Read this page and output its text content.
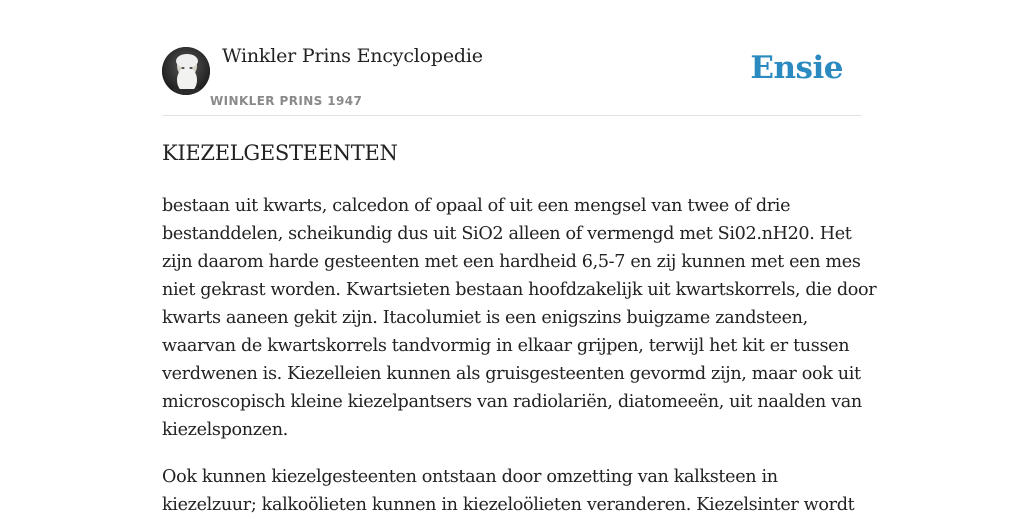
Winkler Prins Encyclopedie
WINKLER PRINS 1947
Ensie
KIEZELGESTEENTEN

bestaan uit kwarts, calcedon of opaal of uit een mengsel van twee of drie
bestanddelen, scheikundig dus uit SiO2 alleen of vermengd met Si02.nH20. Het
zijn daarom harde gesteenten met een hardheid 6,5-7 en zij kunnen met een mes
niet gekrast worden. Kwartsieten bestaan hoofdzakelijk uit kwartskorrels, die door
kwarts aaneen gekit zijn. Itacolumiet is een enigszins buigzame zandsteen,
waarvan de kwartskorrels tandvormig in elkaar grijpen, terwijl het kit er tussen
verdwenen is. Kiezelleien kunnen als gruisgesteenten gevormd zijn, maar ook uit
microscopisch kleine kiezelpantsers van radiolariën, diatomeeën, uit naalden van
kiezelsponzen.

Ook kunnen kiezelgesteenten ontstaan door omzetting van kalksteen in
kiezelzuur; kalkoölieten kunnen in kiezeloölieten veranderen. Kiezelsinter wordt
